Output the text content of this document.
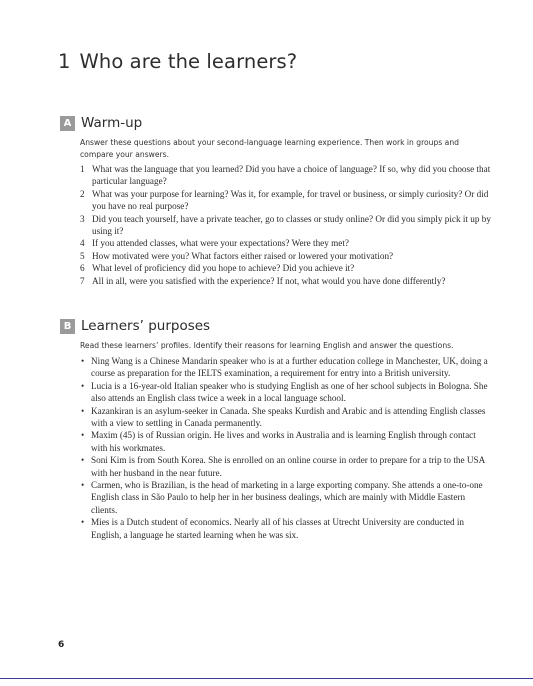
1 Who are the learners?
A Warm-up
Answer these questions about your second-language learning experience. Then work in groups and compare your answers.
1 What was the language that you learned? Did you have a choice of language? If so, why did you choose that particular language?
2 What was your purpose for learning? Was it, for example, for travel or business, or simply curiosity? Or did you have no real purpose?
3 Did you teach yourself, have a private teacher, go to classes or study online? Or did you simply pick it up by using it?
4 If you attended classes, what were your expectations? Were they met?
5 How motivated were you? What factors either raised or lowered your motivation?
6 What level of proficiency did you hope to achieve? Did you achieve it?
7 All in all, were you satisfied with the experience? If not, what would you have done differently?
B Learners’ purposes
Read these learners’ profiles. Identify their reasons for learning English and answer the questions.
• Ning Wang is a Chinese Mandarin speaker who is at a further education college in Manchester, UK, doing a course as preparation for the IELTS examination, a requirement for entry into a British university.
• Lucia is a 16-year-old Italian speaker who is studying English as one of her school subjects in Bologna. She also attends an English class twice a week in a local language school.
• Kazankiran is an asylum-seeker in Canada. She speaks Kurdish and Arabic and is attending English classes with a view to settling in Canada permanently.
• Maxim (45) is of Russian origin. He lives and works in Australia and is learning English through contact with his workmates.
• Soni Kim is from South Korea. She is enrolled on an online course in order to prepare for a trip to the USA with her husband in the near future.
• Carmen, who is Brazilian, is the head of marketing in a large exporting company. She attends a one-to-one English class in São Paulo to help her in her business dealings, which are mainly with Middle Eastern clients.
• Mies is a Dutch student of economics. Nearly all of his classes at Utrecht University are conducted in English, a language he started learning when he was six.
6
